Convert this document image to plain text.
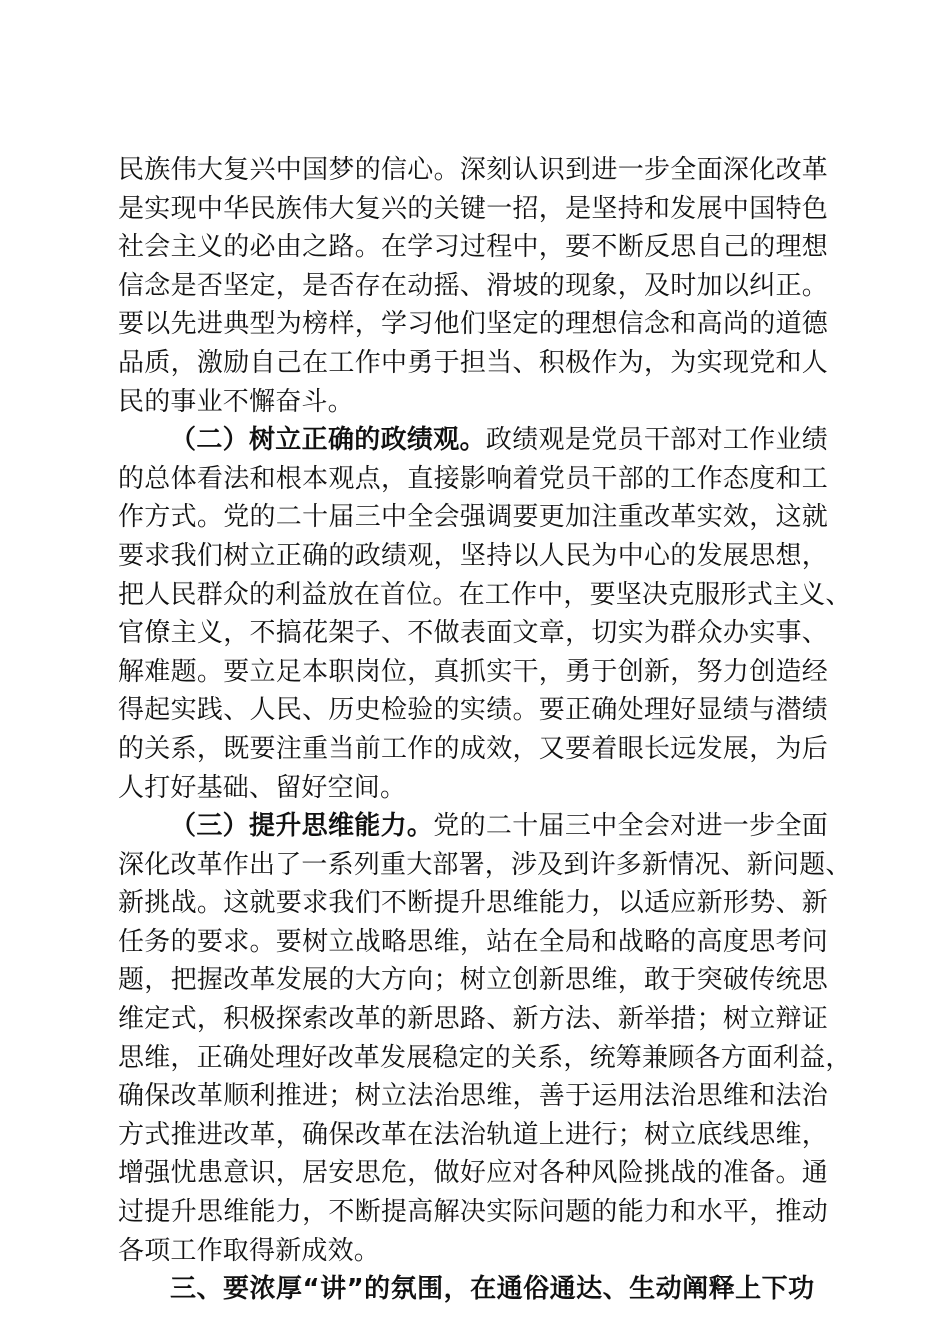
民族伟大复兴中国梦的信心。深刻认识到进一步全面深化改革
是实现中华民族伟大复兴的关键一招，是坚持和发展中国特色
社会主义的必由之路。在学习过程中，要不断反思自己的理想
信念是否坚定，是否存在动摇、滑坡的现象，及时加以纠正。
要以先进典型为榜样，学习他们坚定的理想信念和高尚的道德
品质，激励自己在工作中勇于担当、积极作为，为实现党和人
民的事业不懈奋斗。
（二）树立正确的政绩观。政绩观是党员干部对工作业绩
的总体看法和根本观点，直接影响着党员干部的工作态度和工
作方式。党的二十届三中全会强调要更加注重改革实效，这就
要求我们树立正确的政绩观，坚持以人民为中心的发展思想，
把人民群众的利益放在首位。在工作中，要坚决克服形式主义、
官僚主义，不搞花架子、不做表面文章，切实为群众办实事、
解难题。要立足本职岗位，真抓实干，勇于创新，努力创造经
得起实践、人民、历史检验的实绩。要正确处理好显绩与潜绩
的关系，既要注重当前工作的成效，又要着眼长远发展，为后
人打好基础、留好空间。
（三）提升思维能力。党的二十届三中全会对进一步全面
深化改革作出了一系列重大部署，涉及到许多新情况、新问题、
新挑战。这就要求我们不断提升思维能力，以适应新形势、新
任务的要求。要树立战略思维，站在全局和战略的高度思考问
题，把握改革发展的大方向；树立创新思维，敢于突破传统思
维定式，积极探索改革的新思路、新方法、新举措；树立辩证
思维，正确处理好改革发展稳定的关系，统筹兼顾各方面利益，
确保改革顺利推进；树立法治思维，善于运用法治思维和法治
方式推进改革，确保改革在法治轨道上进行；树立底线思维，
增强忧患意识，居安思危，做好应对各种风险挑战的准备。通
过提升思维能力，不断提高解决实际问题的能力和水平，推动
各项工作取得新成效。
三、要浓厚“讲”的氛围，在通俗通达、生动阐释上下功
